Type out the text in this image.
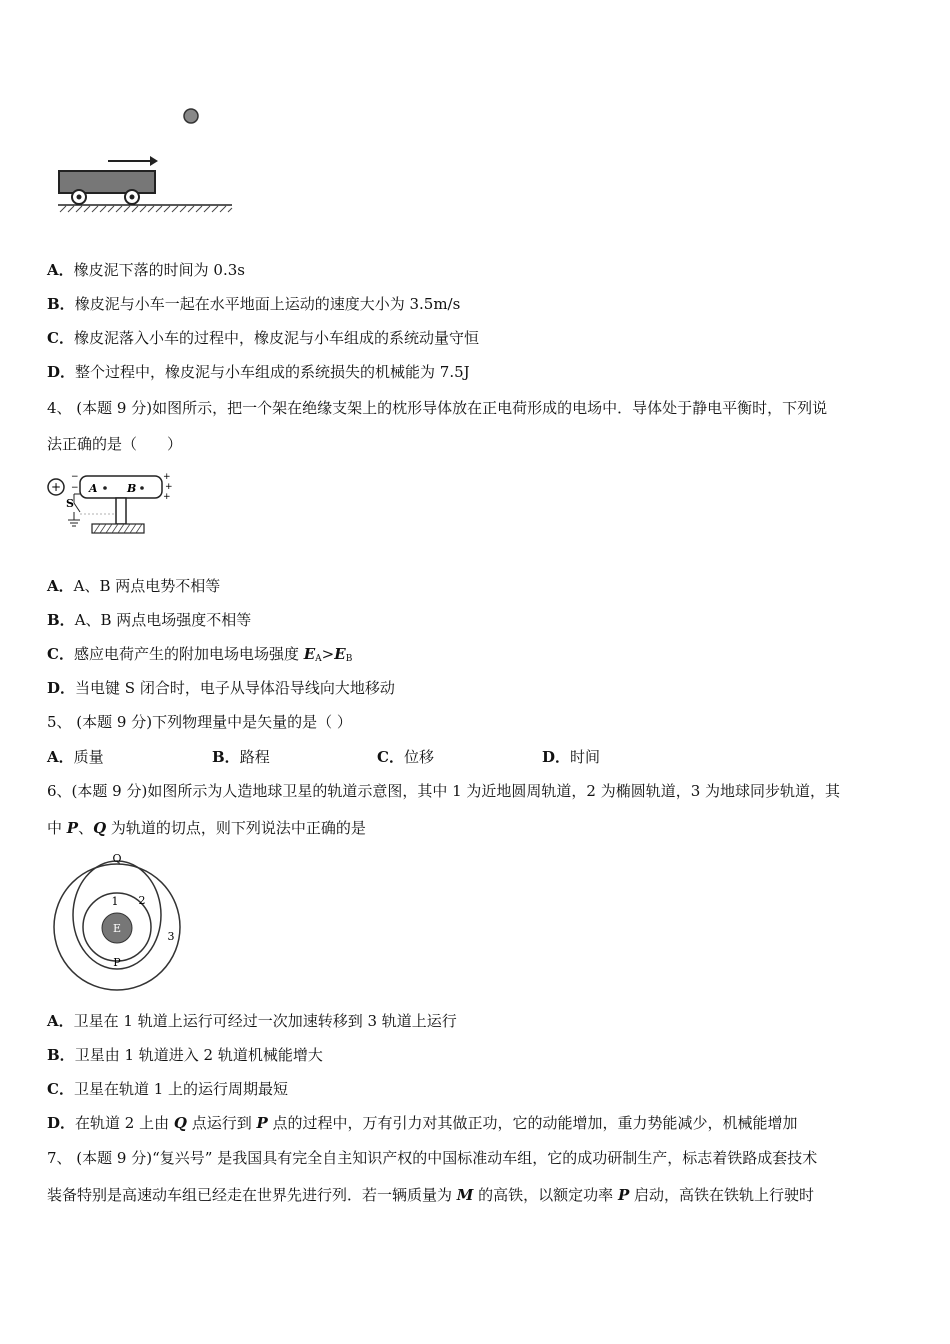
A．橡皮泥下落的时间为 0.3s
B．橡皮泥与小车一起在水平地面上运动的速度大小为 3.5m/s
C．橡皮泥落入小车的过程中，橡皮泥与小车组成的系统动量守恒
D．整个过程中，橡皮泥与小车组成的系统损失的机械能为 7.5J
4、 (本题 9 分)如图所示，把一个架在绝缘支架上的枕形导体放在正电荷形成的电场中．导体处于静电平衡时，下列说
法正确的是（　　）
+
−
− A	B
+
+
+
S
A．A、B 两点电势不相等
B．A、B 两点电场强度不相等
C．感应电荷产生的附加电场电场强度 $E_A>E_B$
D．当电键 S 闭合时，电子从导体沿导线向大地移动
5、 (本题 9 分)下列物理量中是矢量的是（ ）
A．质量	B．路程	C．位移	D．时间
6、(本题 9 分)如图所示为人造地球卫星的轨道示意图，其中 1 为近地圆周轨道，2 为椭圆轨道，3 为地球同步轨道，其
中 P、Q 为轨道的切点，则下列说法中正确的是
E
Q
P
1 2
3
A．卫星在 1 轨道上运行可经过一次加速转移到 3 轨道上运行
B．卫星由 1 轨道进入 2 轨道机械能增大
C．卫星在轨道 1 上的运行周期最短
D．在轨道 2 上由 Q 点运行到 P 点的过程中，万有引力对其做正功，它的动能增加，重力势能减少，机械能增加
7、 (本题 9 分)“复兴号” 是我国具有完全自主知识产权的中国标准动车组，它的成功研制生产，标志着铁路成套技术
装备特别是高速动车组已经走在世界先进行列．若一辆质量为 M 的高铁，以额定功率 P 启动，高铁在铁轨上行驶时
